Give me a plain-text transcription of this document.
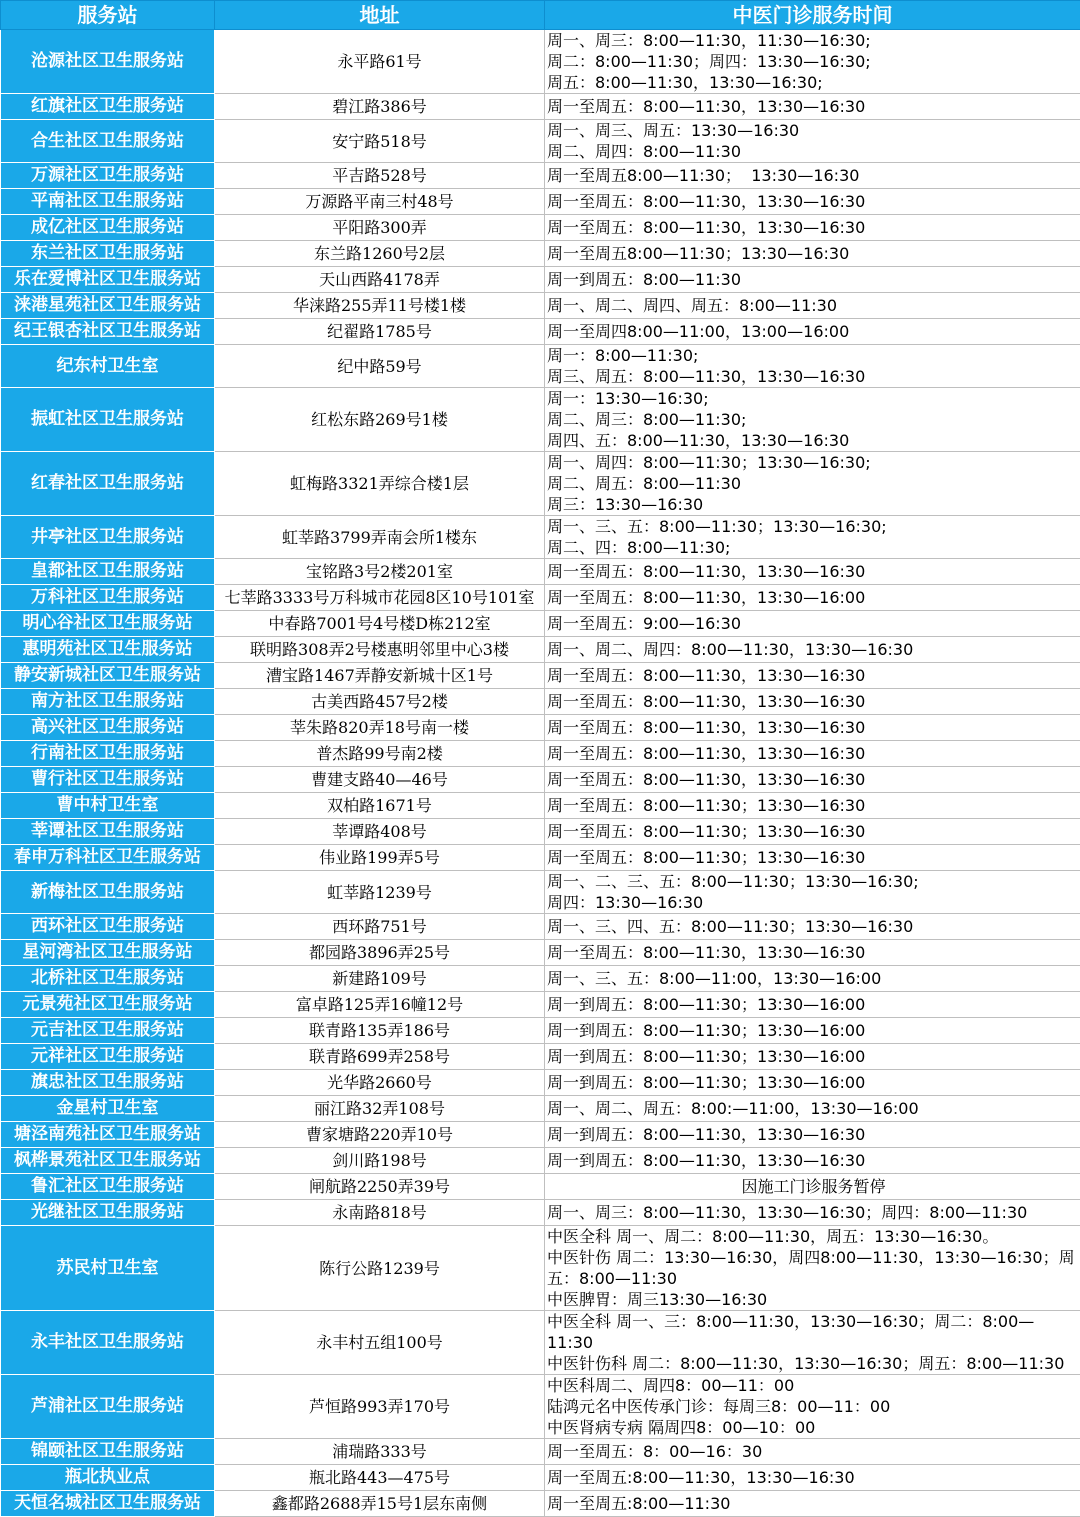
服务站	地址	中医门诊服务时间
沧源社区卫生服务站	永平路61号	周一、周三：8:00—11:30，11:30—16:30;
周二：8:00—11:30；周四：13:30—16:30;
周五：8:00—11:30，13:30—16:30;

红旗社区卫生服务站	碧江路386号	周一至周五：8:00—11:30，13:30—16:30

合生社区卫生服务站	安宁路518号	周一、周三、周五：13:30—16:30
周二、周四：8:00—11:30

万源社区卫生服务站	平吉路528号	周一至周五8:00—11:30；  13:30—16:30

平南社区卫生服务站	万源路平南三村48号	周一至周五：8:00—11:30，13:30—16:30

成亿社区卫生服务站	平阳路300弄	周一至周五：8:00—11:30，13:30—16:30

东兰社区卫生服务站	东兰路1260号2层	周一至周五8:00—11:30；13:30—16:30

乐在爱博社区卫生服务站	天山西路4178弄	周一到周五：8:00—11:30

涞港星苑社区卫生服务站	华涞路255弄11号楼1楼	周一、周二、周四、周五：8:00—11:30

纪王银杏社区卫生服务站	纪翟路1785号	周一至周四8:00—11:00，13:00—16:00

纪东村卫生室	纪中路59号	周一：8:00—11:30;
周三、周五：8:00—11:30，13:30—16:30

振虹社区卫生服务站	红松东路269号1楼	周一：13:30—16:30;
周二、周三：8:00—11:30;
周四、五：8:00—11:30，13:30—16:30

红春社区卫生服务站	虹梅路3321弄综合楼1层	周一、周四：8:00—11:30；13:30—16:30;
周二、周五：8:00—11:30
周三：13:30—16:30

井亭社区卫生服务站	虹莘路3799弄南会所1楼东	周一、三、五：8:00—11:30；13:30—16:30;
周二、四：8:00—11:30;

皇都社区卫生服务站	宝铭路3号2楼201室	周一至周五：8:00—11:30，13:30—16:30

万科社区卫生服务站	七莘路3333号万科城市花园8区10号101室	周一至周五：8:00—11:30，13:30—16:00

明心谷社区卫生服务站	中春路7001号4号楼D栋212室	周一至周五：9:00—16:30

惠明苑社区卫生服务站	联明路308弄2号楼惠明邻里中心3楼	周一、周二、周四：8:00—11:30，13:30—16:30

静安新城社区卫生服务站	漕宝路1467弄静安新城十区1号	周一至周五：8:00—11:30，13:30—16:30

南方社区卫生服务站	古美西路457号2楼	周一至周五：8:00—11:30，13:30—16:30

高兴社区卫生服务站	莘朱路820弄18号南一楼	周一至周五：8:00—11:30，13:30—16:30

行南社区卫生服务站	普杰路99号南2楼	周一至周五：8:00—11:30，13:30—16:30

曹行社区卫生服务站	曹建支路40—46号	周一至周五：8:00—11:30，13:30—16:30

曹中村卫生室	双柏路1671号	周一至周五：8:00—11:30；13:30—16:30

莘谭社区卫生服务站	莘谭路408号	周一至周五：8:00—11:30；13:30—16:30

春申万科社区卫生服务站	伟业路199弄5号	周一至周五：8:00—11:30；13:30—16:30

新梅社区卫生服务站	虹莘路1239号	周一、二、三、五：8:00—11:30；13:30—16:30;
周四：13:30—16:30

西环社区卫生服务站	西环路751号	周一、三、四、五：8:00—11:30；13:30—16:30

星河湾社区卫生服务站	都园路3896弄25号	周一至周五：8:00—11:30，13:30—16:30

北桥社区卫生服务站	新建路109号	周一、三、五：8:00—11:00，13:30—16:00

元景苑社区卫生服务站	富卓路125弄16幢12号	周一到周五：8:00—11:30；13:30—16:00

元吉社区卫生服务站	联青路135弄186号	周一到周五：8:00—11:30；13:30—16:00

元祥社区卫生服务站	联青路699弄258号	周一到周五：8:00—11:30；13:30—16:00

旗忠社区卫生服务站	光华路2660号	周一到周五：8:00—11:30；13:30—16:00

金星村卫生室	丽江路32弄108号	周一、周二、周五：8:00:—11:00，13:30—16:00

塘泾南苑社区卫生服务站	曹家塘路220弄10号	周一到周五：8:00—11:30，13:30—16:30

枫桦景苑社区卫生服务站	剑川路198号	周一到周五：8:00—11:30，13:30—16:30

鲁汇社区卫生服务站	闸航路2250弄39号	因施工门诊服务暂停

光继社区卫生服务站	永南路818号	周一、周三：8:00—11:30，13:30—16:30；周四：8:00—11:30

苏民村卫生室	陈行公路1239号	中医全科 周一、周二：8:00—11:30，周五：13:30—16:30。
中医针伤 周二：13:30—16:30，周四8:00—11:30，13:30—16:30；周五：8:00—11:30
中医脾胃：周三13:30—16:30

永丰社区卫生服务站	永丰村五组100号	中医全科 周一、三：8:00—11:30，13:30—16:30；周二：8:00—11:30
中医针伤科 周二：8:00—11:30，13:30—16:30；周五：8:00—11:30

芦浦社区卫生服务站	芦恒路993弄170号	中医科周二、周四8：00—11：00
陆鸿元名中医传承门诊：每周三8：00—11：00
中医肾病专病 隔周四8：00—10：00

锦颐社区卫生服务站	浦瑞路333号	周一至周五：8：00—16：30

瓶北执业点	瓶北路443—475号	周一至周五:8:00—11:30，13:30—16:30

天恒名城社区卫生服务站	鑫都路2688弄15号1层东南侧	周一至周五:8:00—11:30
